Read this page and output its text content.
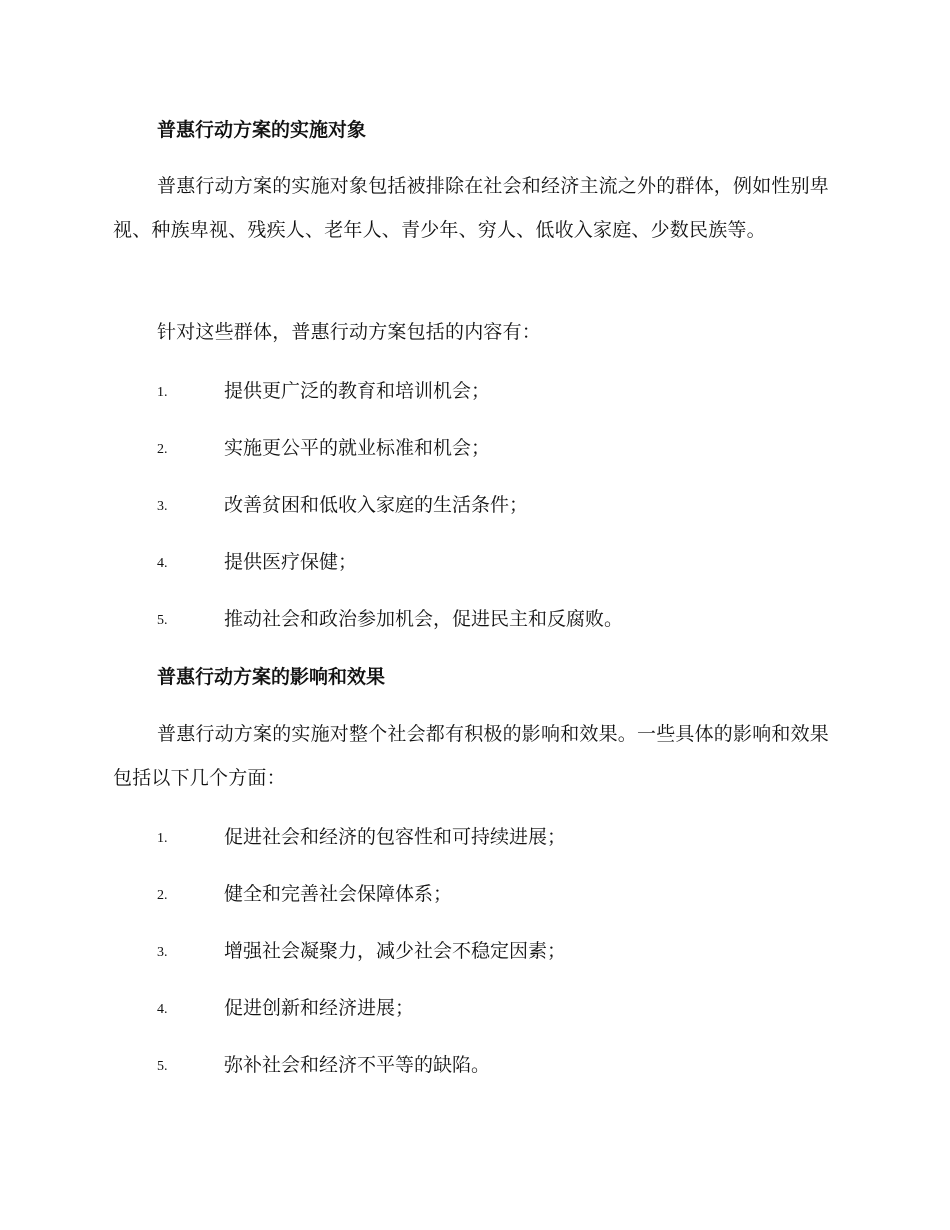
普惠行动方案的实施对象
普惠行动方案的实施对象包括被排除在社会和经济主流之外的群体，例如性别卑视、种族卑视、残疾人、老年人、青少年、穷人、低收入家庭、少数民族等。
针对这些群体，普惠行动方案包括的内容有：
1.	提供更广泛的教育和培训机会；
2.	实施更公平的就业标准和机会；
3.	改善贫困和低收入家庭的生活条件；
4.	提供医疗保健；
5.	推动社会和政治参加机会，促进民主和反腐败。
普惠行动方案的影响和效果
普惠行动方案的实施对整个社会都有积极的影响和效果。一些具体的影响和效果包括以下几个方面：
1.	促进社会和经济的包容性和可持续进展；
2.	健全和完善社会保障体系；
3.	增强社会凝聚力，减少社会不稳定因素；
4.	促进创新和经济进展；
5.	弥补社会和经济不平等的缺陷。
